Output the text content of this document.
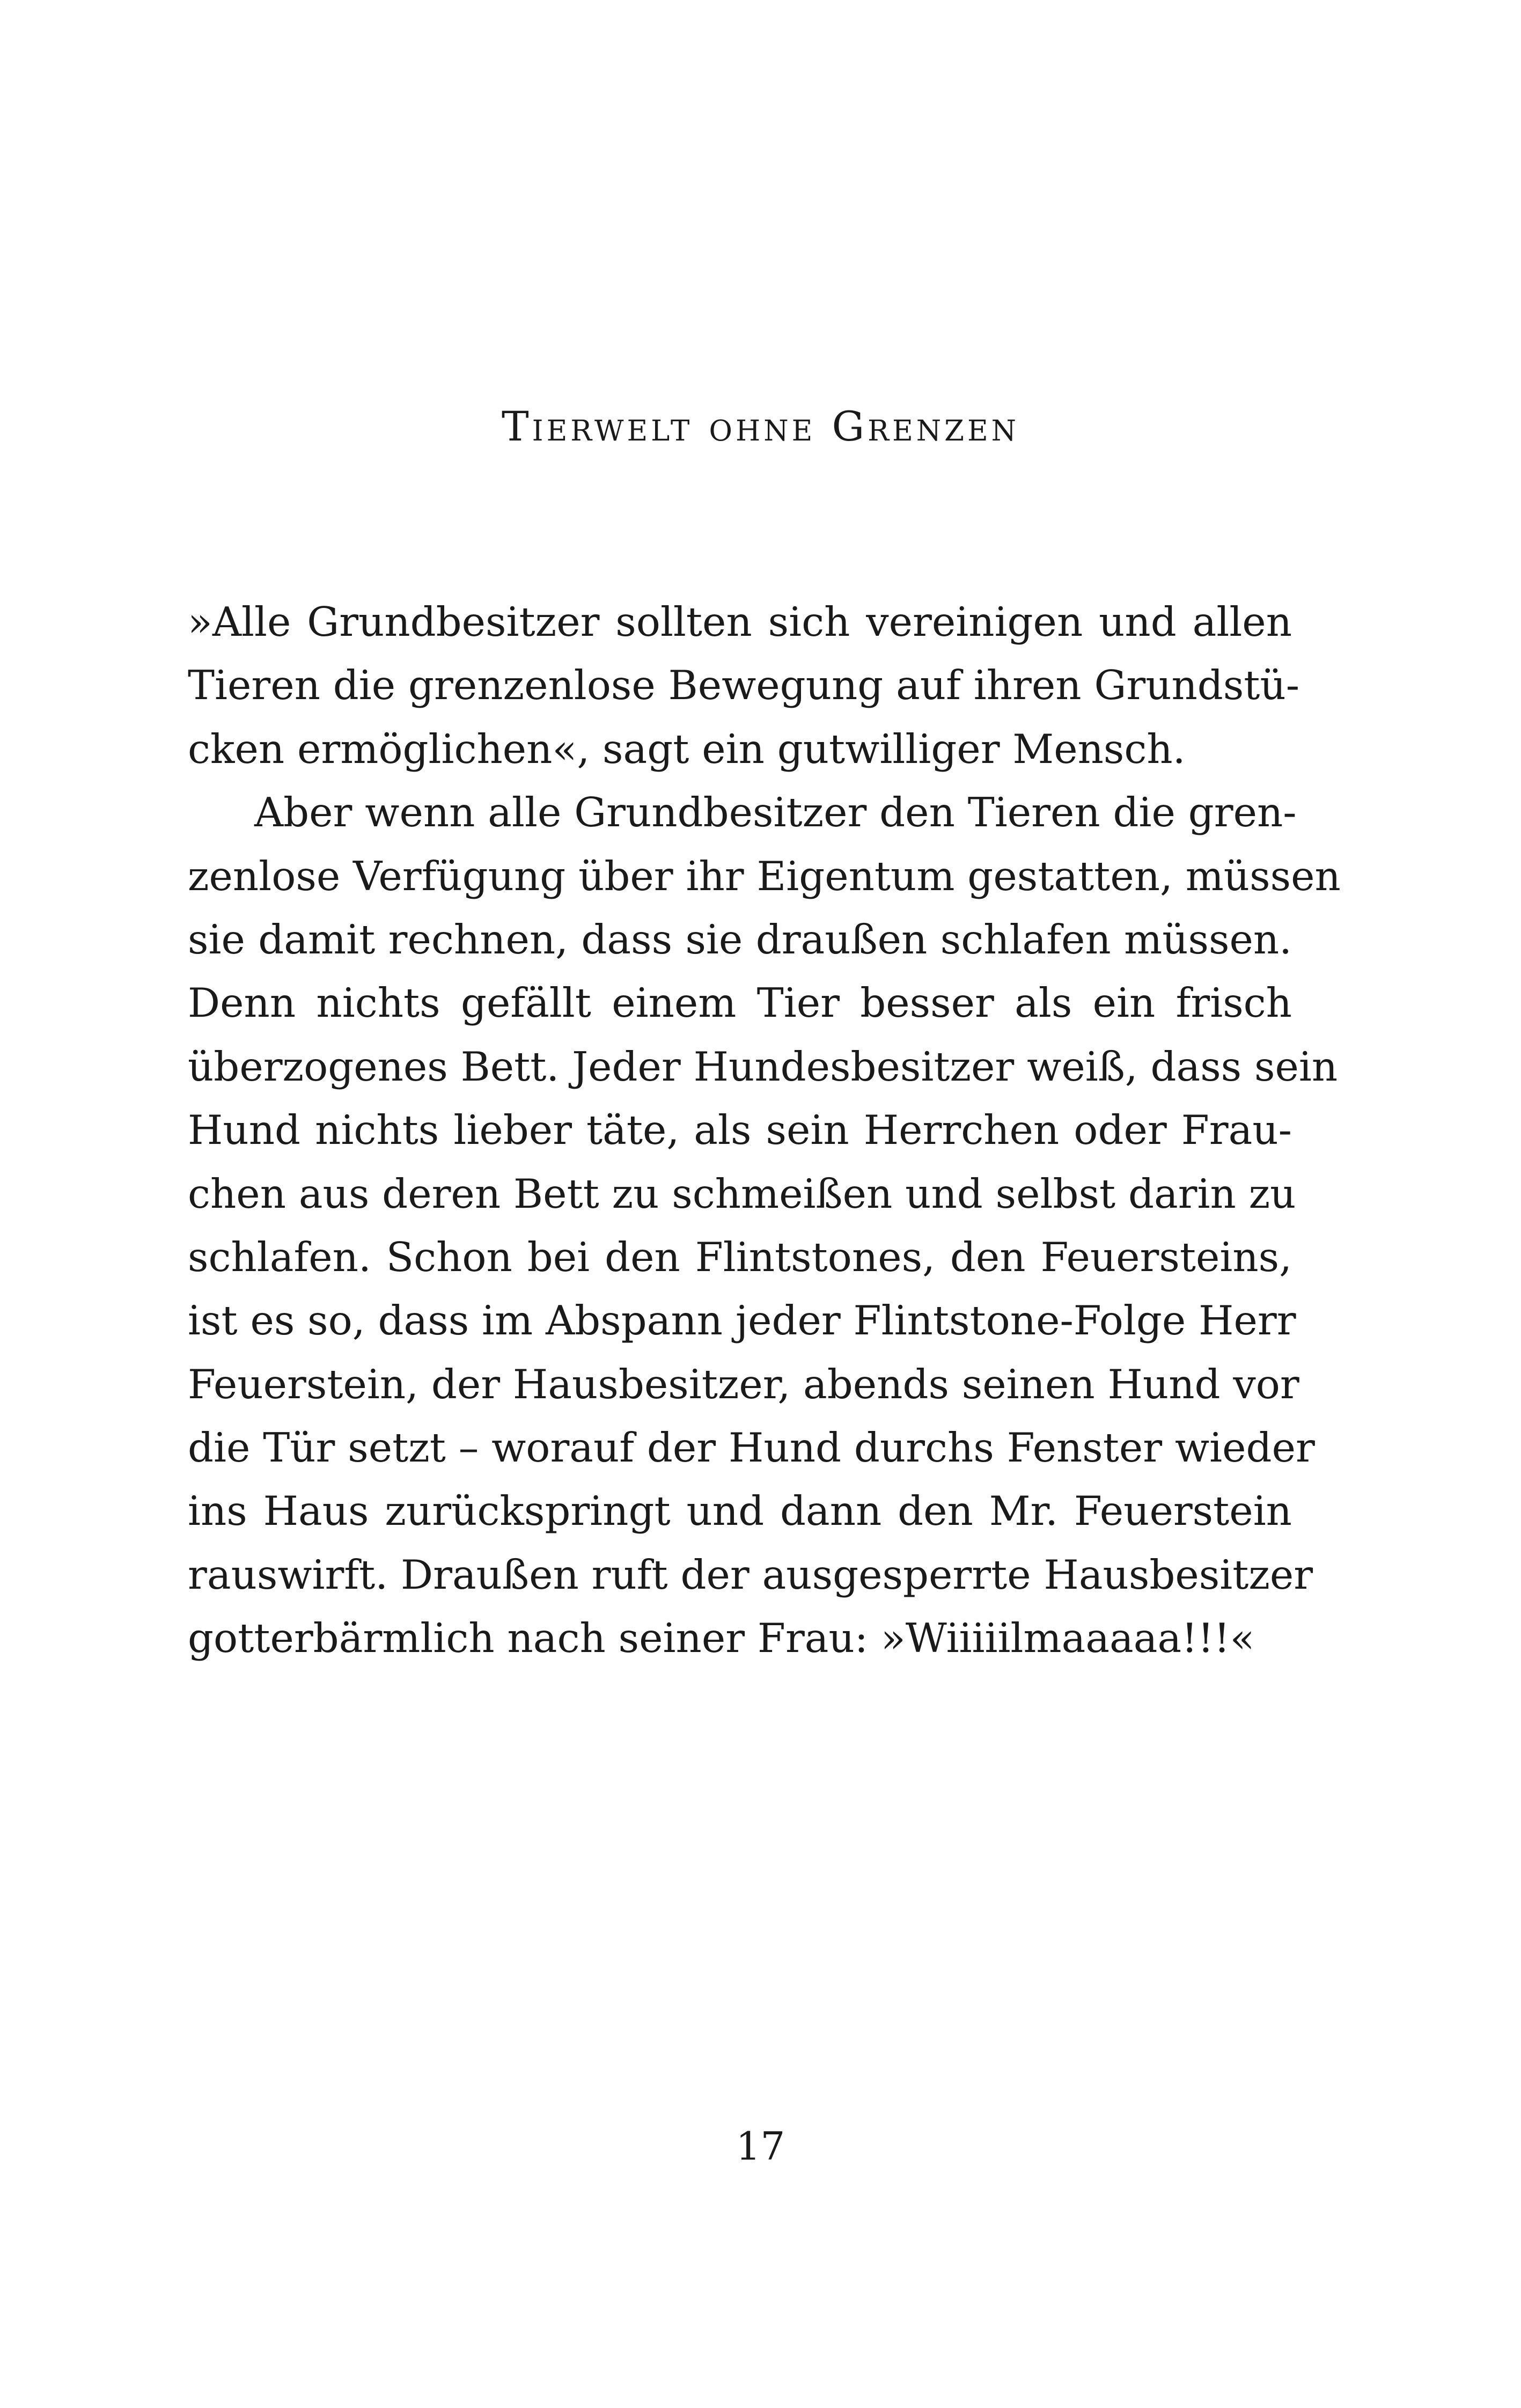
Tierwelt ohne Grenzen
»Alle Grundbesitzer sollten sich vereinigen und allen
Tieren die grenzenlose Bewegung auf ihren Grundstü-
cken ermöglichen«, sagt ein gutwilliger Mensch.
Aber wenn alle Grundbesitzer den Tieren die gren-
zenlose Verfügung über ihr Eigentum gestatten, müssen
sie damit rechnen, dass sie draußen schlafen müssen.
Denn nichts gefällt einem Tier besser als ein frisch
überzogenes Bett. Jeder Hundesbesitzer weiß, dass sein
Hund nichts lieber täte, als sein Herrchen oder Frau-
chen aus deren Bett zu schmeißen und selbst darin zu
schlafen. Schon bei den Flintstones, den Feuersteins,
ist es so, dass im Abspann jeder Flintstone-Folge Herr
Feuerstein, der Hausbesitzer, abends seinen Hund vor
die Tür setzt – worauf der Hund durchs Fenster wieder
ins Haus zurückspringt und dann den Mr. Feuerstein
rauswirft. Draußen ruft der ausgesperrte Hausbesitzer
gotterbärmlich nach seiner Frau: »Wiiiiilmaaaaa!!!«
17
